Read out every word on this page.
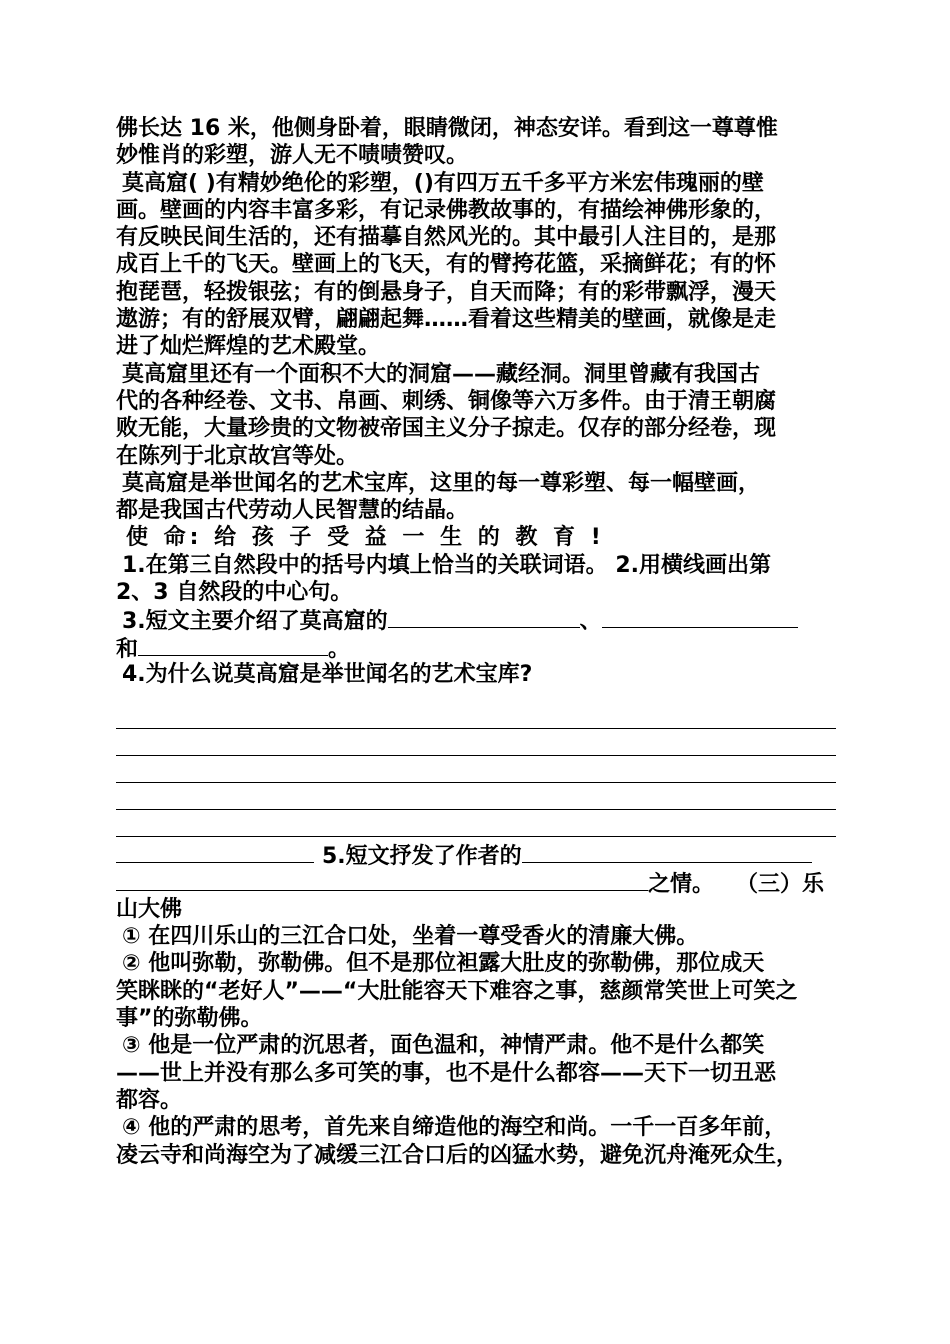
佛长达 16 米，他侧身卧着，眼睛微闭，神态安详。看到这一尊尊惟
妙惟肖的彩塑，游人无不啧啧赞叹。
莫高窟( )有精妙绝伦的彩塑，()有四万五千多平方米宏伟瑰丽的壁
画。壁画的内容丰富多彩，有记录佛教故事的，有描绘神佛形象的，
有反映民间生活的，还有描摹自然风光的。其中最引人注目的，是那
成百上千的飞天。壁画上的飞天，有的臂挎花篮，采摘鲜花；有的怀
抱琵琶，轻拨银弦；有的倒悬身子，自天而降；有的彩带飘浮，漫天
遨游；有的舒展双臂，翩翩起舞……看着这些精美的壁画，就像是走
进了灿烂辉煌的艺术殿堂。
莫高窟里还有一个面积不大的洞窟——藏经洞。洞里曾藏有我国古
代的各种经卷、文书、帛画、刺绣、铜像等六万多件。由于清王朝腐
败无能，大量珍贵的文物被帝国主义分子掠走。仅存的部分经卷，现
在陈列于北京故宫等处。
莫高窟是举世闻名的艺术宝库，这里的每一尊彩塑、每一幅壁画，
都是我国古代劳动人民智慧的结晶。
使 命: 给 孩 子 受 益 一 生 的 教 育 !
1.在第三自然段中的括号内填上恰当的关联词语。 2.用横线画出第
2、3 自然段的中心句。
3.短文主要介绍了莫高窟的	、
和	。
4.为什么说莫高窟是举世闻名的艺术宝库?
5.短文抒发了作者的
之情。 （三）乐
山大佛
① 在四川乐山的三江合口处，坐着一尊受香火的清廉大佛。
② 他叫弥勒，弥勒佛。但不是那位袒露大肚皮的弥勒佛，那位成天
笑眯眯的“老好人”——“大肚能容天下难容之事，慈颜常笑世上可笑之
事”的弥勒佛。
③ 他是一位严肃的沉思者，面色温和，神情严肃。他不是什么都笑
——世上并没有那么多可笑的事，也不是什么都容——天下一切丑恶
都容。
④ 他的严肃的思考，首先来自缔造他的海空和尚。一千一百多年前，
凌云寺和尚海空为了减缓三江合口后的凶猛水势，避免沉舟淹死众生，
